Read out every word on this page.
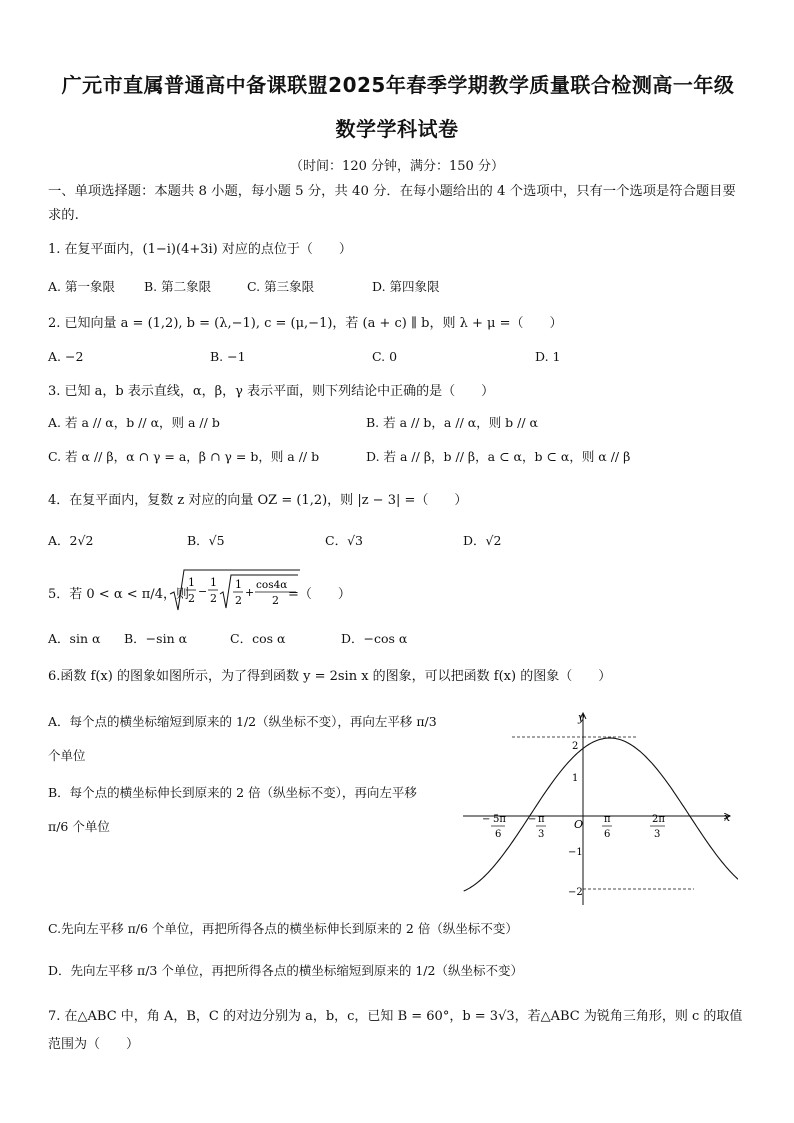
广元市直属普通高中备课联盟2025年春季学期教学质量联合检测高一年级
数学学科试卷
（时间：120 分钟，满分：150 分）
一、单项选择题：本题共 8 小题，每小题 5 分，共 40 分．在每小题给出的 4 个选项中，只有一个选项是符合题目要求的.
1. 在复平面内，(1−i)(4+3i) 对应的点位于（　　）
A. 第一象限 B. 第二象限	C. 第三象限	D. 第四象限
2. 已知向量 a = (1,2), b = (λ,−1), c = (μ,−1)，若 (a + c) ∥ b，则 λ + μ =（　　）
A. −2	B. −1	C. 0	D. 1
3. 已知 a，b 表示直线，α，β，γ 表示平面，则下列结论中正确的是（　　）
A. 若 a // α，b // α，则 a // b	B. 若 a // b，a // α，则 b // α
C. 若 α // β，α ∩ γ = a，β ∩ γ = b，则 a // b	D. 若 a // β，b // β，a ⊂ α，b ⊂ α，则 α // β
4．在复平面内，复数 z 对应的向量 OZ = (1,2)，则 |z − 3| =（　　）
A．2√2	B．√5	C．√3	D．√2
5．若 0 < α < π/4，则
1
2
−
1
2
1
2
+
cos4α
2 =（　　）
A．sin α B．−sin α	C．cos α	D．−cos α
6.函数 f(x) 的图象如图所示，为了得到函数 y = 2sin x 的图象，可以把函数 f(x) 的图象（　　）
A．每个点的横坐标缩短到原来的 1/2（纵坐标不变），再向左平移 π/3 个单位
B．每个点的横坐标伸长到原来的 2 倍（纵坐标不变），再向左平移 π/6 个单位
C.先向左平移 π/6 个单位，再把所得各点的横坐标伸长到原来的 2 倍（纵坐标不变）
D．先向左平移 π/3 个单位，再把所得各点的横坐标缩短到原来的 1/2（纵坐标不变）
x
y
O
2
1
−1
−2
− 5π
6
− π
3
π
6
2π
3
7. 在△ABC 中，角 A，B，C 的对边分别为 a，b，c，已知 B = 60°，b = 3√3，若△ABC 为锐角三角形，则 c 的取值范围为（　　）
